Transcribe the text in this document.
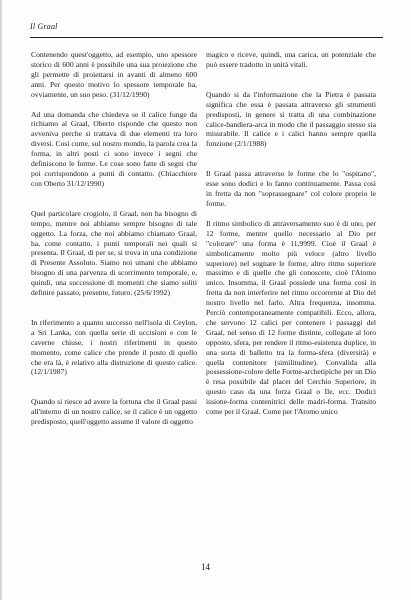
Il Graal

Contenendo quest'oggetto, ad esempio, uno spessore storico di 600 anni è possibile una sua proiezione che gli permette di proiettarsi in avanti di almeno 600 anni. Per questo motivo lo spessore temporale ha, ovviamente, un suo peso. (31/12/1990)

Ad una domanda che chiedeva se il calice funge da richiamo al Graal, Oberto risponde che questo non avveniva perche si trattava di due elementi tra loro diversi. Così come, sul nostro mondo, la parola crea la forma, in altri posti ci sono invece i segni che definiscono le forme. Le cose sono fatte di segni che poi corrispondono a punti di contatto. (Chiacchiere con Oberto 31/12/1990)

Quel particolare crogiolo, il Graal, non ha bisogno di tempo, mentre noi abbiamo sempre bisogno di tale oggetto. La forza, che noi abbiamo chiamato Graal, ha, come contatto, i punti temporali nei quali si presenta. Il Graal, di per se, si trova in una condizione di Presente Assoluto. Siamo noi umani che abbiamo bisogno di una parvenza di scorrimento temporale, e, quindi, una successione di momenti che siamo soliti definire passato, presente, futuro. (25/6/1992)

In riferimento a quanto successo nell'isola di Ceylon, a Sri Lanka, con quella serie di uccisioni e con le caverne chiuse, i nostri riferimenti in questo momento, come calice che prende il posto di quello che era là, è relativo alla distruzione di questo calice. (12/1/1987)

Quando si riesce ad avere la fortuna che il Graal passi all'interno di un nostro calice, se il calice è un oggetto predisposto, quell'oggetto assume il valore di oggetto

magico e riceve, quindi, una carica, un potenziale che può essere tradotto in unità vitali.

Quando si da l'informazione che la Pietra è passata significa che essa è passata attraverso gli strumenti predisposti, in genere si tratta di una combinazione calice-bandiera-arca in modo che il passaggio stesso sia misurabile. Il calice e i calici hanno sempre quella funzione (2/1/1988)

Il Graal passa attraverso le forme che lo "ospitano", esse sono dodici e lo fanno continuamente. Passa così in fretta da non "soprassegnare" col colore proprio le forme.

Il ritmo simbolico di attraversamento suo è di uno, per 12 forme, mentre quello necessario al Dio per "colorare" una forma è 11,9999. Cioè il Graal è simbolicamente molto più veloce (altro livello superiore) nel sognare le forme, altro ritmo superiore massimo e di quelle che gli conoscete, cioè l'Atomo unico. Insomma, il Graal possiede una forma così in fretta da non interferire nel ritmo occorrente al Dio del nostro livello nel farlo. Altra frequenza, insomma. Perciò contemporaneamente compatibili. Ecco, allora, che servono 12 calici per contenere i passaggi del Graal, nel senso di 12 forme distinte, collegate al loro opposto, sfera, per rendere il ritmo-esistenza duplice, in una sorta di balletto tra la forma-sfera (diversità) e quella contenitore (similitudine). Convalida alla possessione-colore delle Forme-archetipiche per un Dio è resa possibile dal placet del Cerchio Superiore, in questo caso da una forza Graal o Ile, ecc. Dodici issione-forma contenitrici delle madri-forma. Transito come per il Graal. Come per l'Atomo unico

14
